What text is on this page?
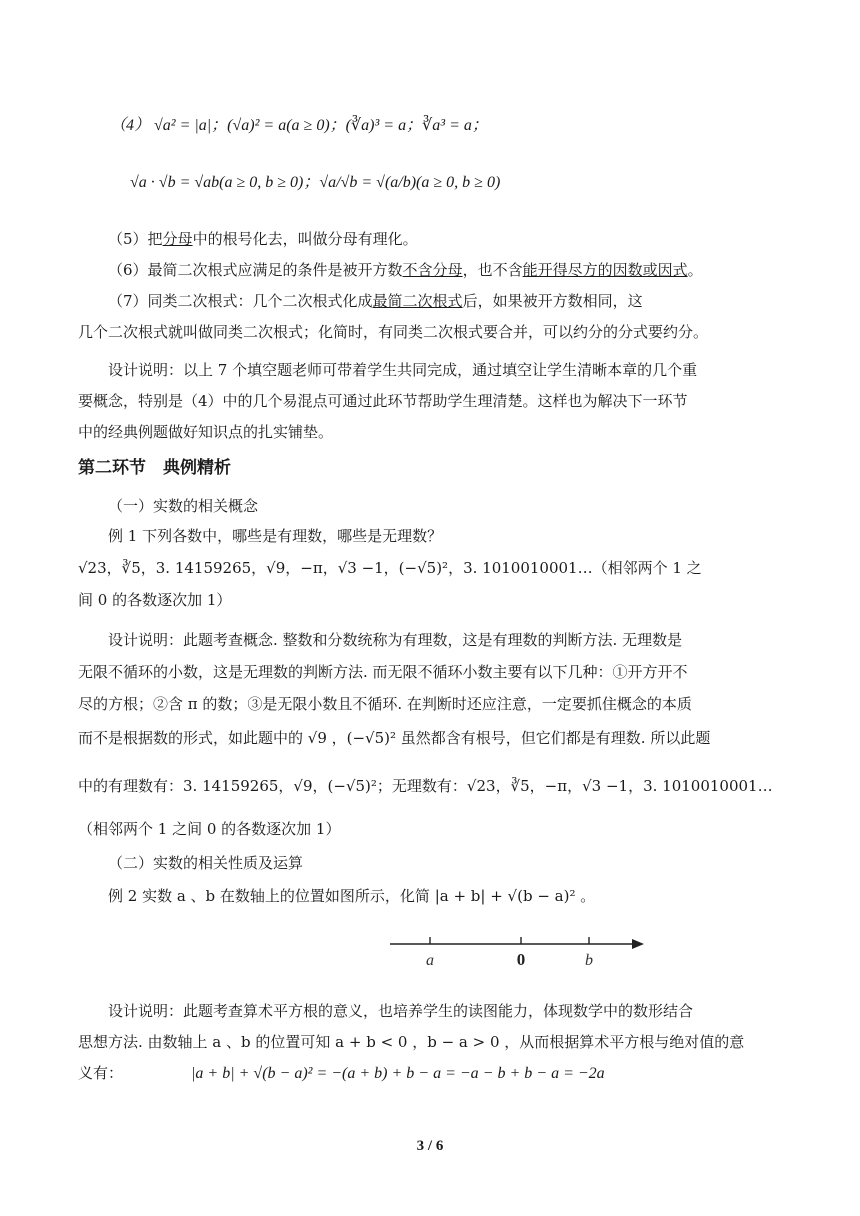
（4） √a² = |a|；(√a)² = a(a ≥ 0)；(∛a)³ = a；∛a³ = a；
√a · √b = √ab(a ≥ 0, b ≥ 0)；√a/√b = √(a/b)(a ≥ 0, b ≥ 0)
（5）把分母中的根号化去，叫做分母有理化。
（6）最简二次根式应满足的条件是被开方数不含分母，也不含能开得尽方的因数或因式。
（7）同类二次根式：几个二次根式化成最简二次根式后，如果被开方数相同，这
几个二次根式就叫做同类二次根式；化简时，有同类二次根式要合并，可以约分的分式要约分。
设计说明：以上 7 个填空题老师可带着学生共同完成，通过填空让学生清晰本章的几个重
要概念，特别是（4）中的几个易混点可通过此环节帮助学生理清楚。这样也为解决下一环节
中的经典例题做好知识点的扎实铺垫。
第二环节　典例精析
（一）实数的相关概念
例 1 下列各数中，哪些是有理数，哪些是无理数？
√23，∛5，3. 14159265，√9，−π，√3 −1，(−√5)²，3. 1010010001…（相邻两个 1 之
间 0 的各数逐次加 1）
设计说明：此题考查概念. 整数和分数统称为有理数，这是有理数的判断方法. 无理数是
无限不循环的小数，这是无理数的判断方法. 而无限不循环小数主要有以下几种：①开方开不
尽的方根；②含 π 的数；③是无限小数且不循环. 在判断时还应注意，一定要抓住概念的本质
而不是根据数的形式，如此题中的 √9 ，(−√5)² 虽然都含有根号，但它们都是有理数. 所以此题
中的有理数有：3. 14159265，√9，(−√5)²；无理数有：√23，∛5，−π，√3 −1，3. 1010010001…
（相邻两个 1 之间 0 的各数逐次加 1）
（二）实数的相关性质及运算
例 2 实数 a 、b 在数轴上的位置如图所示，化简 |a + b| + √(b − a)² 。
a	0	b
设计说明：此题考查算术平方根的意义，也培养学生的读图能力，体现数学中的数形结合
思想方法. 由数轴上 a 、b 的位置可知 a + b < 0 ，b − a > 0 ，从而根据算术平方根与绝对值的意
义有：	|a + b| + √(b − a)² = −(a + b) + b − a = −a − b + b − a = −2a
3 / 6
